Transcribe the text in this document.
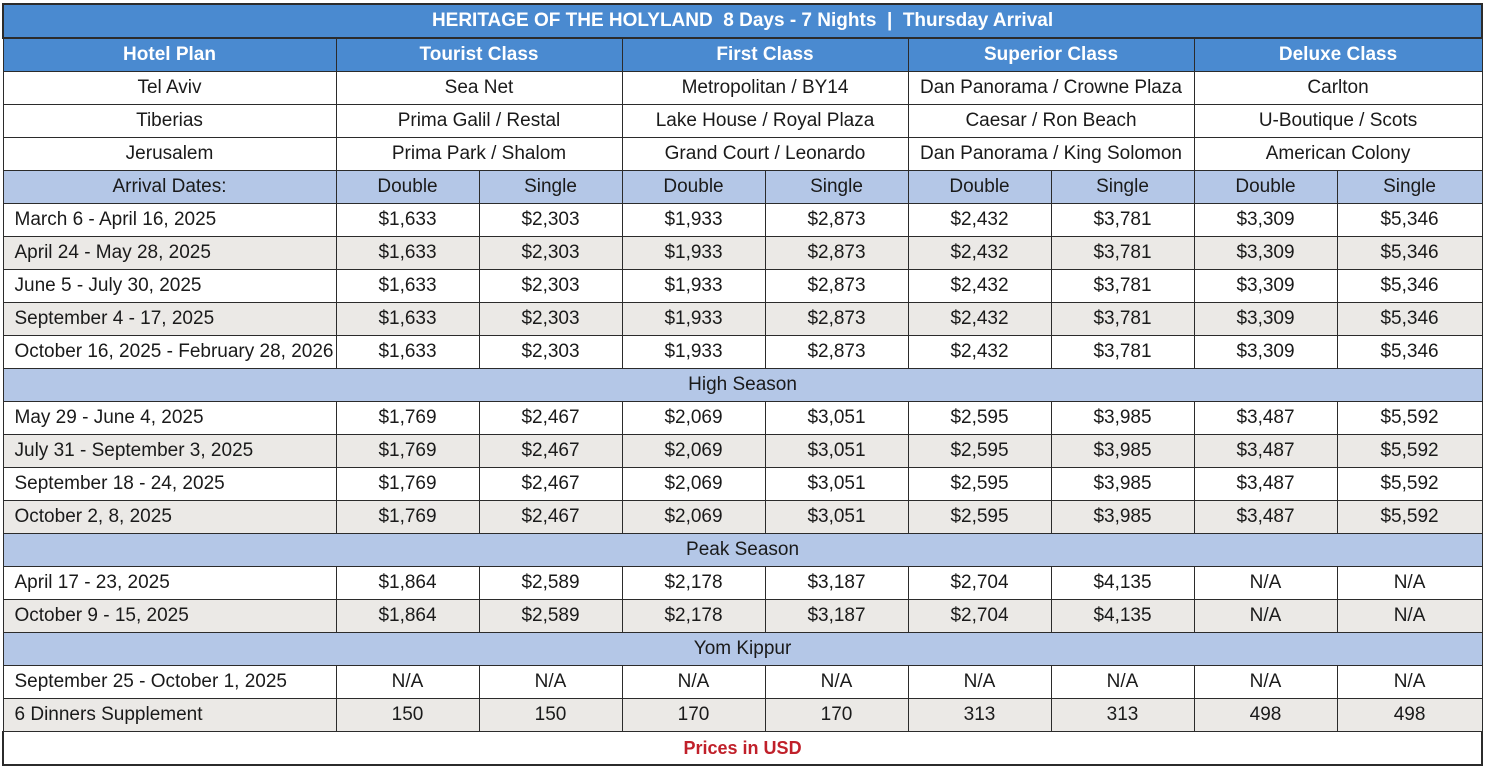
HERITAGE OF THE HOLYLAND  8 Days - 7 Nights  |  Thursday Arrival								
Hotel Plan	Tourist Class		First Class		Superior Class		Deluxe Class	
Tel Aviv	Sea Net		Metropolitan / BY14		Dan Panorama / Crowne Plaza		Carlton	
Tiberias	Prima Galil / Restal		Lake House / Royal Plaza		Caesar / Ron Beach		U-Boutique / Scots	
Jerusalem	Prima Park / Shalom		Grand Court / Leonardo		Dan Panorama / King Solomon		American Colony	
Arrival Dates:	Double	Single	Double	Single	Double	Single	Double	Single
March 6 - April 16, 2025	$1,633	$2,303	$1,933	$2,873	$2,432	$3,781	$3,309	$5,346
April 24 - May 28, 2025	$1,633	$2,303	$1,933	$2,873	$2,432	$3,781	$3,309	$5,346
June 5 - July 30, 2025	$1,633	$2,303	$1,933	$2,873	$2,432	$3,781	$3,309	$5,346
September 4 - 17, 2025	$1,633	$2,303	$1,933	$2,873	$2,432	$3,781	$3,309	$5,346
October 16, 2025 - February 28, 2026	$1,633	$2,303	$1,933	$2,873	$2,432	$3,781	$3,309	$5,346
High Season								
May 29 - June 4, 2025	$1,769	$2,467	$2,069	$3,051	$2,595	$3,985	$3,487	$5,592
July 31 - September 3, 2025	$1,769	$2,467	$2,069	$3,051	$2,595	$3,985	$3,487	$5,592
September 18 - 24, 2025	$1,769	$2,467	$2,069	$3,051	$2,595	$3,985	$3,487	$5,592
October 2, 8, 2025	$1,769	$2,467	$2,069	$3,051	$2,595	$3,985	$3,487	$5,592
Peak Season								
April 17 - 23, 2025	$1,864	$2,589	$2,178	$3,187	$2,704	$4,135	N/A	N/A
October 9 - 15, 2025	$1,864	$2,589	$2,178	$3,187	$2,704	$4,135	N/A	N/A
Yom Kippur								
September 25 - October 1, 2025	N/A	N/A	N/A	N/A	N/A	N/A	N/A	N/A
6 Dinners Supplement	150	150	170	170	313	313	498	498
Prices in USD								
